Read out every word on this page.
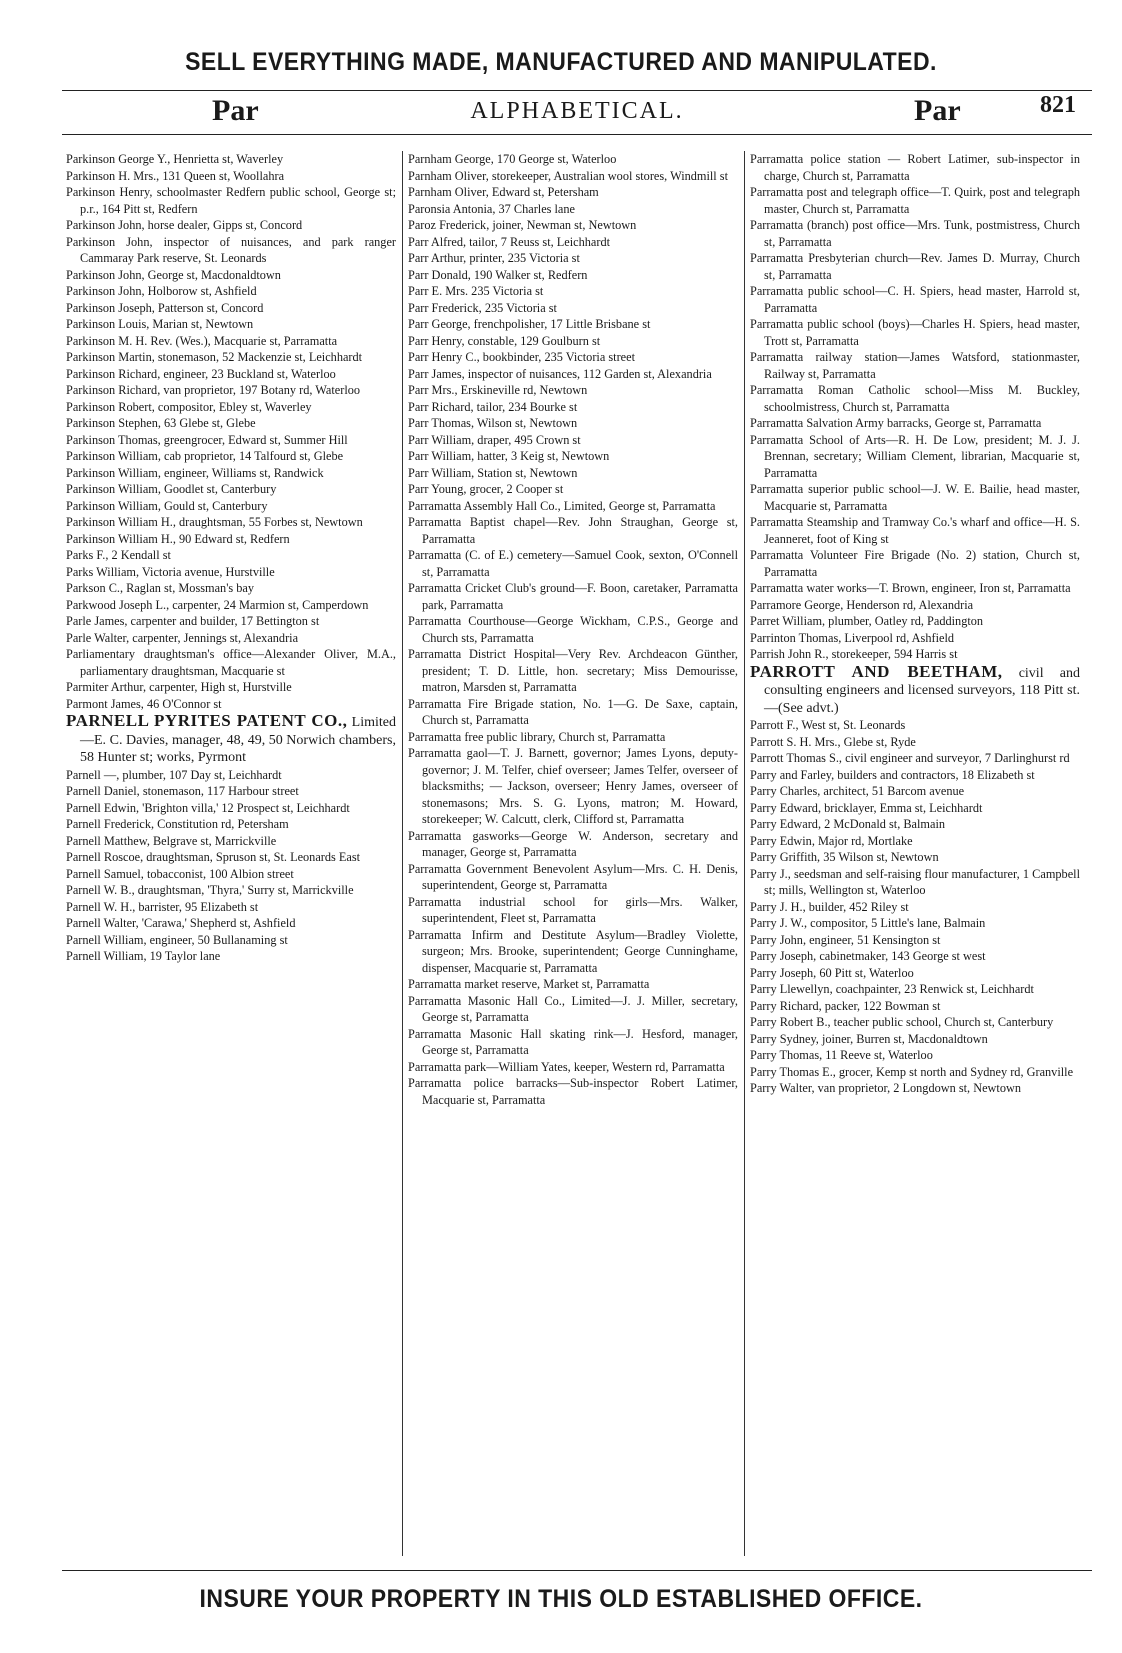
SELL EVERYTHING MADE, MANUFACTURED AND MANIPULATED.
Par	ALPHABETICAL.	Par	821
Parkinson George Y., Henrietta st, Waverley
Parkinson H. Mrs., 131 Queen st, Woollahra
Parkinson Henry, schoolmaster Redfern public school, George st; p.r., 164 Pitt st, Redfern
Parkinson John, horse dealer, Gipps st, Concord
Parkinson John, inspector of nuisances, and park ranger Cammaray Park reserve, St. Leonards
Parkinson John, George st, Macdonaldtown
Parkinson John, Holborow st, Ashfield
Parkinson Joseph, Patterson st, Concord
Parkinson Louis, Marian st, Newtown
Parkinson M. H. Rev. (Wes.), Macquarie st, Parramatta
Parkinson Martin, stonemason, 52 Mackenzie st, Leichhardt
Parkinson Richard, engineer, 23 Buckland st, Waterloo
Parkinson Richard, van proprietor, 197 Botany rd, Waterloo
Parkinson Robert, compositor, Ebley st, Waverley
Parkinson Stephen, 63 Glebe st, Glebe
Parkinson Thomas, greengrocer, Edward st, Summer Hill
Parkinson William, cab proprietor, 14 Talfourd st, Glebe
Parkinson William, engineer, Williams st, Randwick
Parkinson William, Goodlet st, Canterbury
Parkinson William, Gould st, Canterbury
Parkinson William H., draughtsman, 55 Forbes st, Newtown
Parkinson William H., 90 Edward st, Redfern
Parks F., 2 Kendall st
Parks William, Victoria avenue, Hurstville
Parkson C., Raglan st, Mossman's bay
Parkwood Joseph L., carpenter, 24 Marmion st, Camperdown
Parle James, carpenter and builder, 17 Bettington st
Parle Walter, carpenter, Jennings st, Alexandria
Parliamentary draughtsman's office—Alexander Oliver, M.A., parliamentary draughtsman, Macquarie st
Parmiter Arthur, carpenter, High st, Hurstville
Parmont James, 46 O'Connor st
PARNELL PYRITES PATENT CO., Limited—E. C. Davies, manager, 48, 49, 50 Norwich chambers, 58 Hunter st; works, Pyrmont
Parnell —, plumber, 107 Day st, Leichhardt
Parnell Daniel, stonemason, 117 Harbour street
Parnell Edwin, 'Brighton villa,' 12 Prospect st, Leichhardt
Parnell Frederick, Constitution rd, Petersham
Parnell Matthew, Belgrave st, Marrickville
Parnell Roscoe, draughtsman, Spruson st, St. Leonards East
Parnell Samuel, tobacconist, 100 Albion street
Parnell W. B., draughtsman, 'Thyra,' Surry st, Marrickville
Parnell W. H., barrister, 95 Elizabeth st
Parnell Walter, 'Carawa,' Shepherd st, Ashfield
Parnell William, engineer, 50 Bullanaming st
Parnell William, 19 Taylor lane
Parnham George, 170 George st, Waterloo
Parnham Oliver, storekeeper, Australian wool stores, Windmill st
Parnham Oliver, Edward st, Petersham
Paronsia Antonia, 37 Charles lane
Paroz Frederick, joiner, Newman st, Newtown
Parr Alfred, tailor, 7 Reuss st, Leichhardt
Parr Arthur, printer, 235 Victoria st
Parr Donald, 190 Walker st, Redfern
Parr E. Mrs. 235 Victoria st
Parr Frederick, 235 Victoria st
Parr George, frenchpolisher, 17 Little Brisbane st
Parr Henry, constable, 129 Goulburn st
Parr Henry C., bookbinder, 235 Victoria street
Parr James, inspector of nuisances, 112 Garden st, Alexandria
Parr Mrs., Erskineville rd, Newtown
Parr Richard, tailor, 234 Bourke st
Parr Thomas, Wilson st, Newtown
Parr William, draper, 495 Crown st
Parr William, hatter, 3 Keig st, Newtown
Parr William, Station st, Newtown
Parr Young, grocer, 2 Cooper st
Parramatta Assembly Hall Co., Limited, George st, Parramatta
Parramatta Baptist chapel—Rev. John Straughan, George st, Parramatta
Parramatta (C. of E.) cemetery—Samuel Cook, sexton, O'Connell st, Parramatta
Parramatta Cricket Club's ground—F. Boon, caretaker, Parramatta park, Parramatta
Parramatta Courthouse—George Wickham, C.P.S., George and Church sts, Parramatta
Parramatta District Hospital—Very Rev. Archdeacon Günther, president; T. D. Little, hon. secretary; Miss Demourisse, matron, Marsden st, Parramatta
Parramatta Fire Brigade station, No. 1—G. De Saxe, captain, Church st, Parramatta
Parramatta free public library, Church st, Parramatta
Parramatta gaol—T. J. Barnett, governor; James Lyons, deputy-governor; J. M. Telfer, chief overseer; James Telfer, overseer of blacksmiths; — Jackson, overseer; Henry James, overseer of stonemasons; Mrs. S. G. Lyons, matron; M. Howard, storekeeper; W. Calcutt, clerk, Clifford st, Parramatta
Parramatta gasworks—George W. Anderson, secretary and manager, George st, Parramatta
Parramatta Government Benevolent Asylum—Mrs. C. H. Denis, superintendent, George st, Parramatta
Parramatta industrial school for girls—Mrs. Walker, superintendent, Fleet st, Parramatta
Parramatta Infirm and Destitute Asylum—Bradley Violette, surgeon; Mrs. Brooke, superintendent; George Cunninghame, dispenser, Macquarie st, Parramatta
Parramatta market reserve, Market st, Parramatta
Parramatta Masonic Hall Co., Limited—J. J. Miller, secretary, George st, Parramatta
Parramatta Masonic Hall skating rink—J. Hesford, manager, George st, Parramatta
Parramatta park—William Yates, keeper, Western rd, Parramatta
Parramatta police barracks—Sub-inspector Robert Latimer, Macquarie st, Parramatta
Parramatta police station — Robert Latimer, sub-inspector in charge, Church st, Parramatta
Parramatta post and telegraph office—T. Quirk, post and telegraph master, Church st, Parramatta
Parramatta (branch) post office—Mrs. Tunk, postmistress, Church st, Parramatta
Parramatta Presbyterian church—Rev. James D. Murray, Church st, Parramatta
Parramatta public school—C. H. Spiers, head master, Harrold st, Parramatta
Parramatta public school (boys)—Charles H. Spiers, head master, Trott st, Parramatta
Parramatta railway station—James Watsford, stationmaster, Railway st, Parramatta
Parramatta Roman Catholic school—Miss M. Buckley, schoolmistress, Church st, Parramatta
Parramatta Salvation Army barracks, George st, Parramatta
Parramatta School of Arts—R. H. De Low, president; M. J. J. Brennan, secretary; William Clement, librarian, Macquarie st, Parramatta
Parramatta superior public school—J. W. E. Bailie, head master, Macquarie st, Parramatta
Parramatta Steamship and Tramway Co.'s wharf and office—H. S. Jeanneret, foot of King st
Parramatta Volunteer Fire Brigade (No. 2) station, Church st, Parramatta
Parramatta water works—T. Brown, engineer, Iron st, Parramatta
Parramore George, Henderson rd, Alexandria
Parret William, plumber, Oatley rd, Paddington
Parrinton Thomas, Liverpool rd, Ashfield
Parrish John R., storekeeper, 594 Harris st
PARROTT AND BEETHAM, civil and consulting engineers and licensed surveyors, 118 Pitt st.—(See advt.)
Parrott F., West st, St. Leonards
Parrott S. H. Mrs., Glebe st, Ryde
Parrott Thomas S., civil engineer and surveyor, 7 Darlinghurst rd
Parry and Farley, builders and contractors, 18 Elizabeth st
Parry Charles, architect, 51 Barcom avenue
Parry Edward, bricklayer, Emma st, Leichhardt
Parry Edward, 2 McDonald st, Balmain
Parry Edwin, Major rd, Mortlake
Parry Griffith, 35 Wilson st, Newtown
Parry J., seedsman and self-raising flour manufacturer, 1 Campbell st; mills, Wellington st, Waterloo
Parry J. H., builder, 452 Riley st
Parry J. W., compositor, 5 Little's lane, Balmain
Parry John, engineer, 51 Kensington st
Parry Joseph, cabinetmaker, 143 George st west
Parry Joseph, 60 Pitt st, Waterloo
Parry Llewellyn, coachpainter, 23 Renwick st, Leichhardt
Parry Richard, packer, 122 Bowman st
Parry Robert B., teacher public school, Church st, Canterbury
Parry Sydney, joiner, Burren st, Macdonaldtown
Parry Thomas, 11 Reeve st, Waterloo
Parry Thomas E., grocer, Kemp st north and Sydney rd, Granville
Parry Walter, van proprietor, 2 Longdown st, Newtown
INSURE YOUR PROPERTY IN THIS OLD ESTABLISHED OFFICE.
